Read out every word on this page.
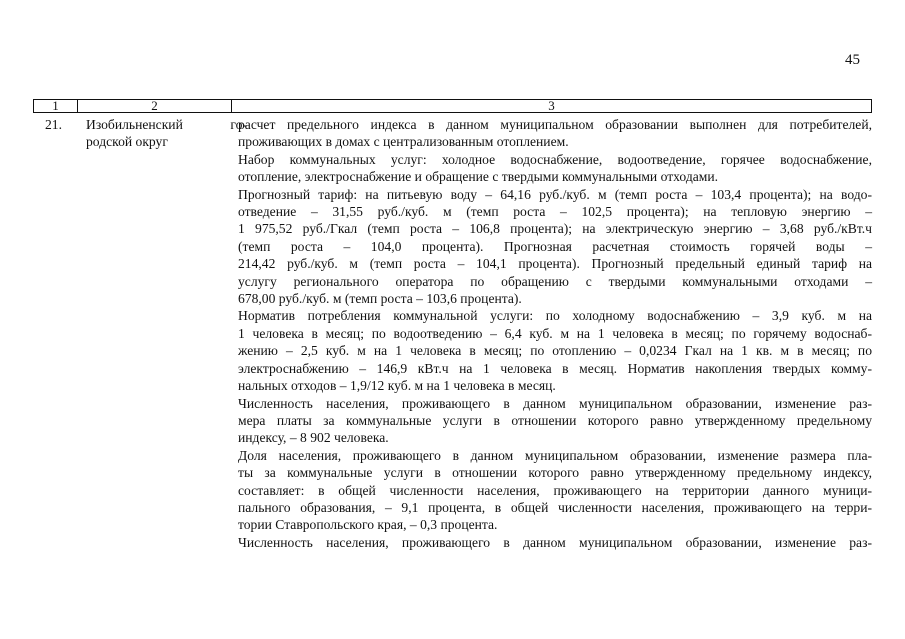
45
1	2	3
21. Изобильненский го-
родской округ
расчет предельного индекса в данном муниципальном образовании выполнен для потребителей,
проживающих в домах с централизованным отоплением.
Набор коммунальных услуг: холодное водоснабжение, водоотведение, горячее водоснабжение,
отопление, электроснабжение и обращение с твердыми коммунальными отходами.
Прогнозный тариф: на питьевую воду – 64,16 руб./куб. м (темп роста – 103,4 процента); на водо-
отведение – 31,55 руб./куб. м (темп роста – 102,5 процента); на тепловую энергию –
1 975,52 руб./Гкал (темп роста – 106,8 процента); на электрическую энергию – 3,68 руб./кВт.ч
(темп роста – 104,0 процента). Прогнозная расчетная стоимость горячей воды –
214,42 руб./куб. м (темп роста – 104,1 процента). Прогнозный предельный единый тариф на
услугу регионального оператора по обращению с твердыми коммунальными отходами –
678,00 руб./куб. м (темп роста – 103,6 процента).
Норматив потребления коммунальной услуги: по холодному водоснабжению – 3,9 куб. м на
1 человека в месяц; по водоотведению – 6,4 куб. м на 1 человека в месяц; по горячему водоснаб-
жению – 2,5 куб. м на 1 человека в месяц; по отоплению – 0,0234 Гкал на 1 кв. м в месяц; по
электроснабжению – 146,9 кВт.ч на 1 человека в месяц. Норматив накопления твердых комму-
нальных отходов – 1,9/12 куб. м на 1 человека в месяц.
Численность населения, проживающего в данном муниципальном образовании, изменение раз-
мера платы за коммунальные услуги в отношении которого равно утвержденному предельному
индексу, – 8 902 человека.
Доля населения, проживающего в данном муниципальном образовании, изменение размера пла-
ты за коммунальные услуги в отношении которого равно утвержденному предельному индексу,
составляет: в общей численности населения, проживающего на территории данного муници-
пального образования, – 9,1 процента, в общей численности населения, проживающего на терри-
тории Ставропольского края, – 0,3 процента.
Численность населения, проживающего в данном муниципальном образовании, изменение раз-
